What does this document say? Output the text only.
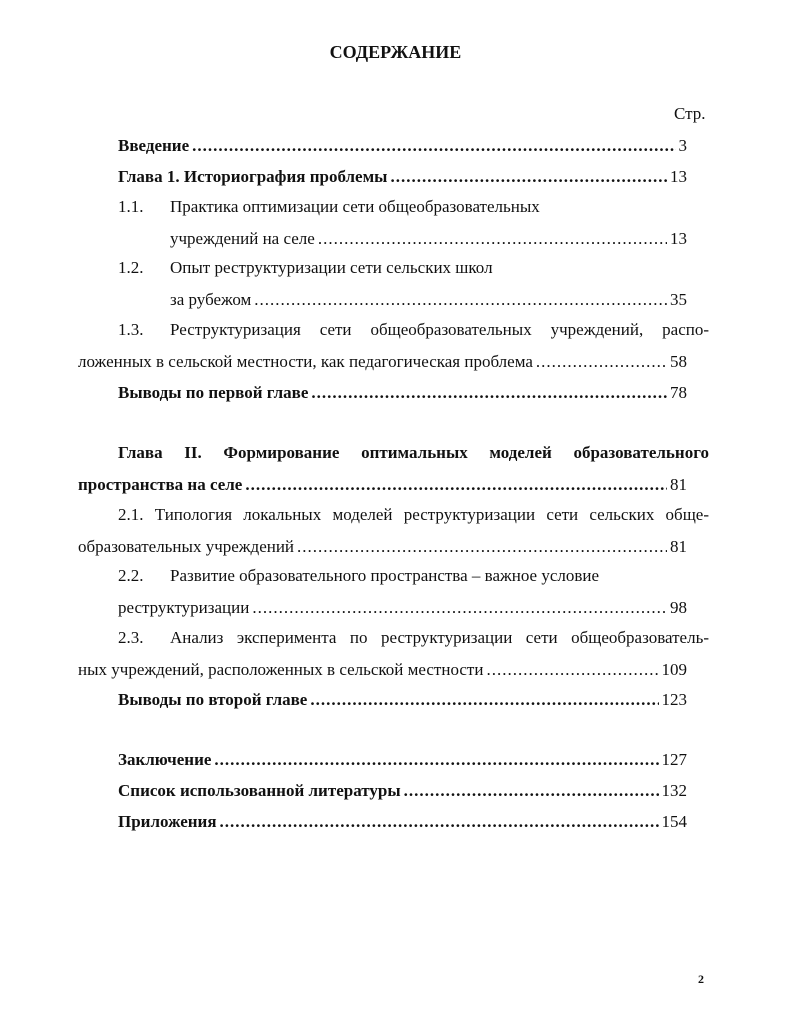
СОДЕРЖАНИЕ
Стр.
Введение .....	3
Глава 1. Историография проблемы .....	13
1.1. Практика оптимизации сети общеобразовательных
учреждений на селе .....	13
1.2. Опыт реструктуризации сети сельских школ
за рубежом .....	35
1.3. Реструктуризация сети общеобразовательных учреждений, распо-
ложенных в сельской местности, как педагогическая проблема .....	58
Выводы по первой главе .....	78
Глава II. Формирование оптимальных моделей образовательного
пространства на селе .....	81
2.1. Типология локальных моделей реструктуризации сети сельских обще-
образовательных учреждений .....	81
2.2. Развитие образовательного пространства – важное условие
реструктуризации .....	98
2.3. Анализ эксперимента по реструктуризации сети общеобразователь-
ных учреждений, расположенных в сельской местности .....	109
Выводы по второй главе .....	123
Заключение .....	127
Список использованной литературы .....	132
Приложения .....	154
2
